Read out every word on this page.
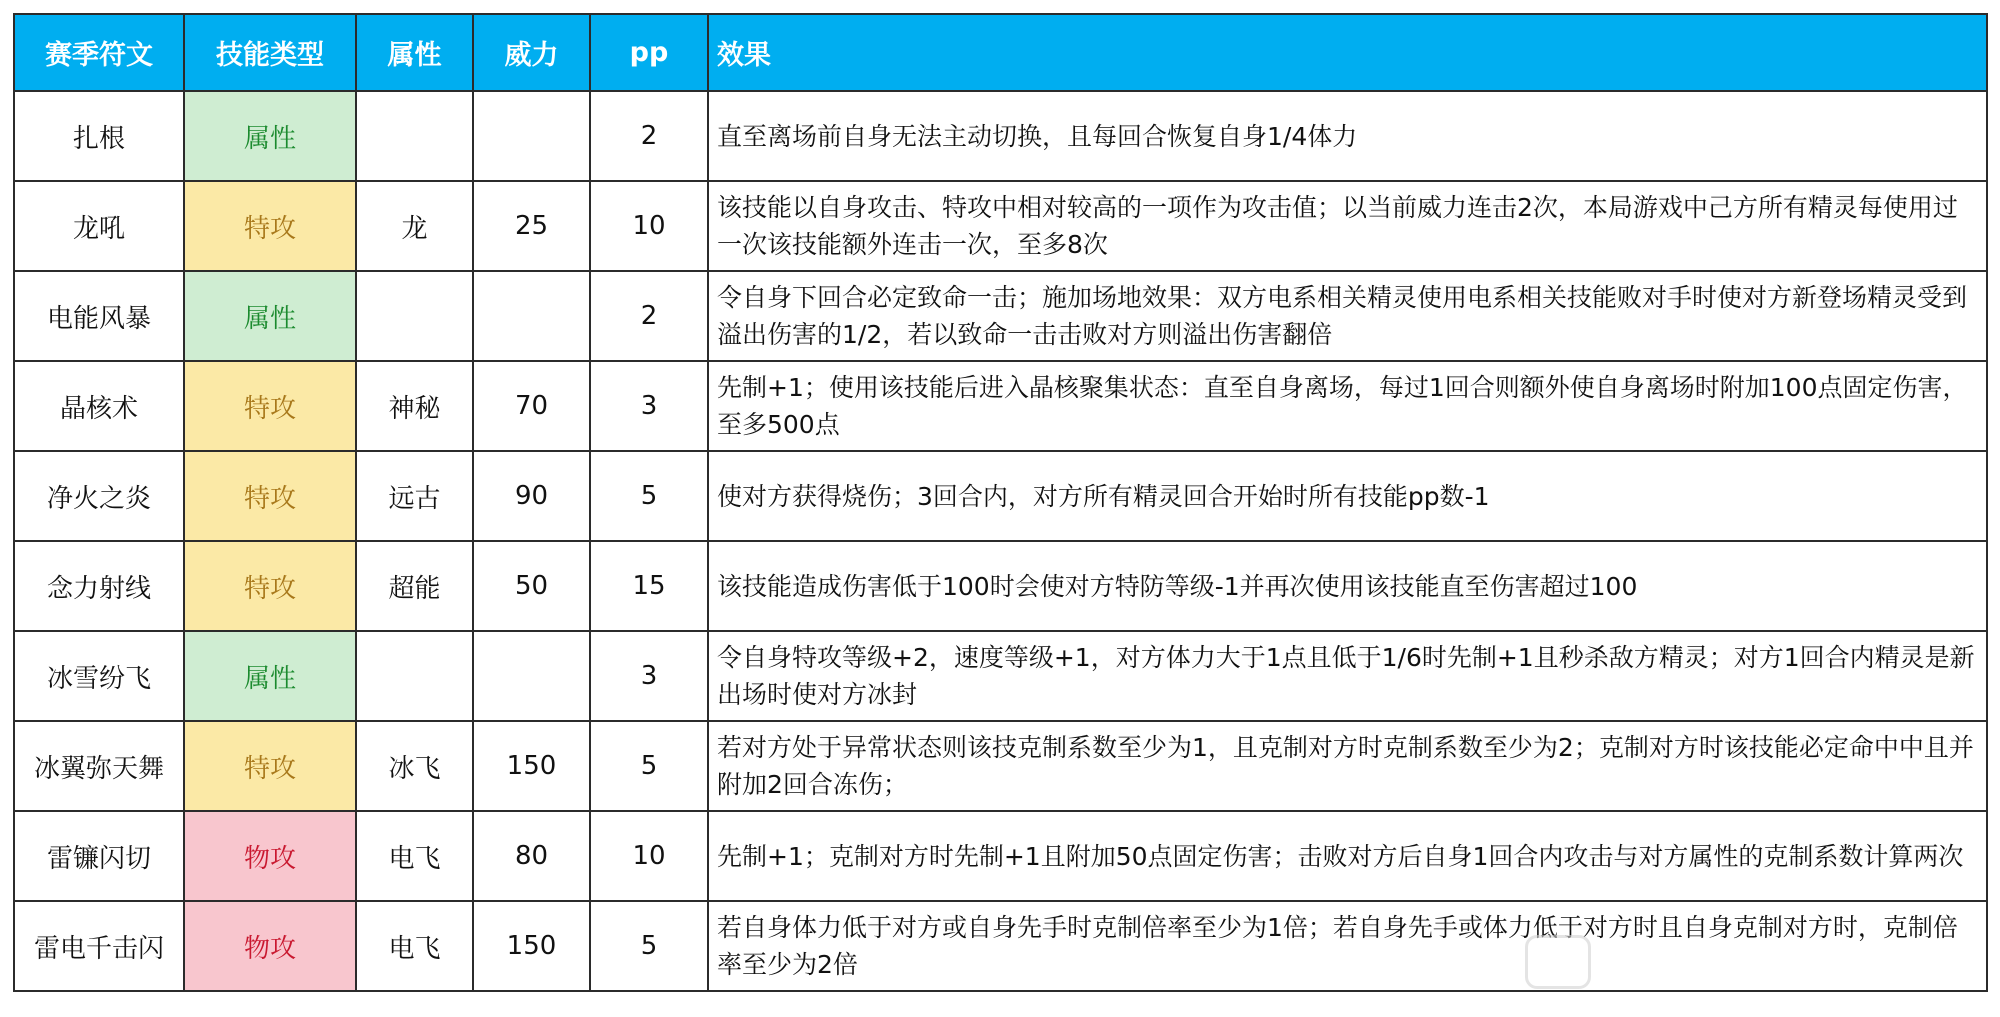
赛季符文	技能类型	属性	威力	pp	效果
扎根	属性			2	直至离场前自身无法主动切换，且每回合恢复自身1/4体力
龙吼	特攻	龙	25	10	该技能以自身攻击、特攻中相对较高的一项作为攻击值；以当前威力连击2次，本局游戏中己方所有精灵每使用过一次该技能额外连击一次，至多8次
电能风暴	属性			2	令自身下回合必定致命一击；施加场地效果：双方电系相关精灵使用电系相关技能败对手时使对方新登场精灵受到溢出伤害的1/2，若以致命一击击败对方则溢出伤害翻倍
晶核术	特攻	神秘	70	3	先制+1；使用该技能后进入晶核聚集状态：直至自身离场，每过1回合则额外使自身离场时附加100点固定伤害，至多500点
净火之炎	特攻	远古	90	5	使对方获得烧伤；3回合内，对方所有精灵回合开始时所有技能pp数-1
念力射线	特攻	超能	50	15	该技能造成伤害低于100时会使对方特防等级-1并再次使用该技能直至伤害超过100
冰雪纷飞	属性			3	令自身特攻等级+2，速度等级+1，对方体力大于1点且低于1/6时先制+1且秒杀敌方精灵；对方1回合内精灵是新出场时使对方冰封
冰翼弥天舞	特攻	冰飞	150	5	若对方处于异常状态则该技克制系数至少为1，且克制对方时克制系数至少为2；克制对方时该技能必定命中中且并附加2回合冻伤；
雷镰闪切	物攻	电飞	80	10	先制+1；克制对方时先制+1且附加50点固定伤害；击败对方后自身1回合内攻击与对方属性的克制系数计算两次
雷电千击闪	物攻	电飞	150	5	若自身体力低于对方或自身先手时克制倍率至少为1倍；若自身先手或体力低于对方时且自身克制对方时，克制倍率至少为2倍
